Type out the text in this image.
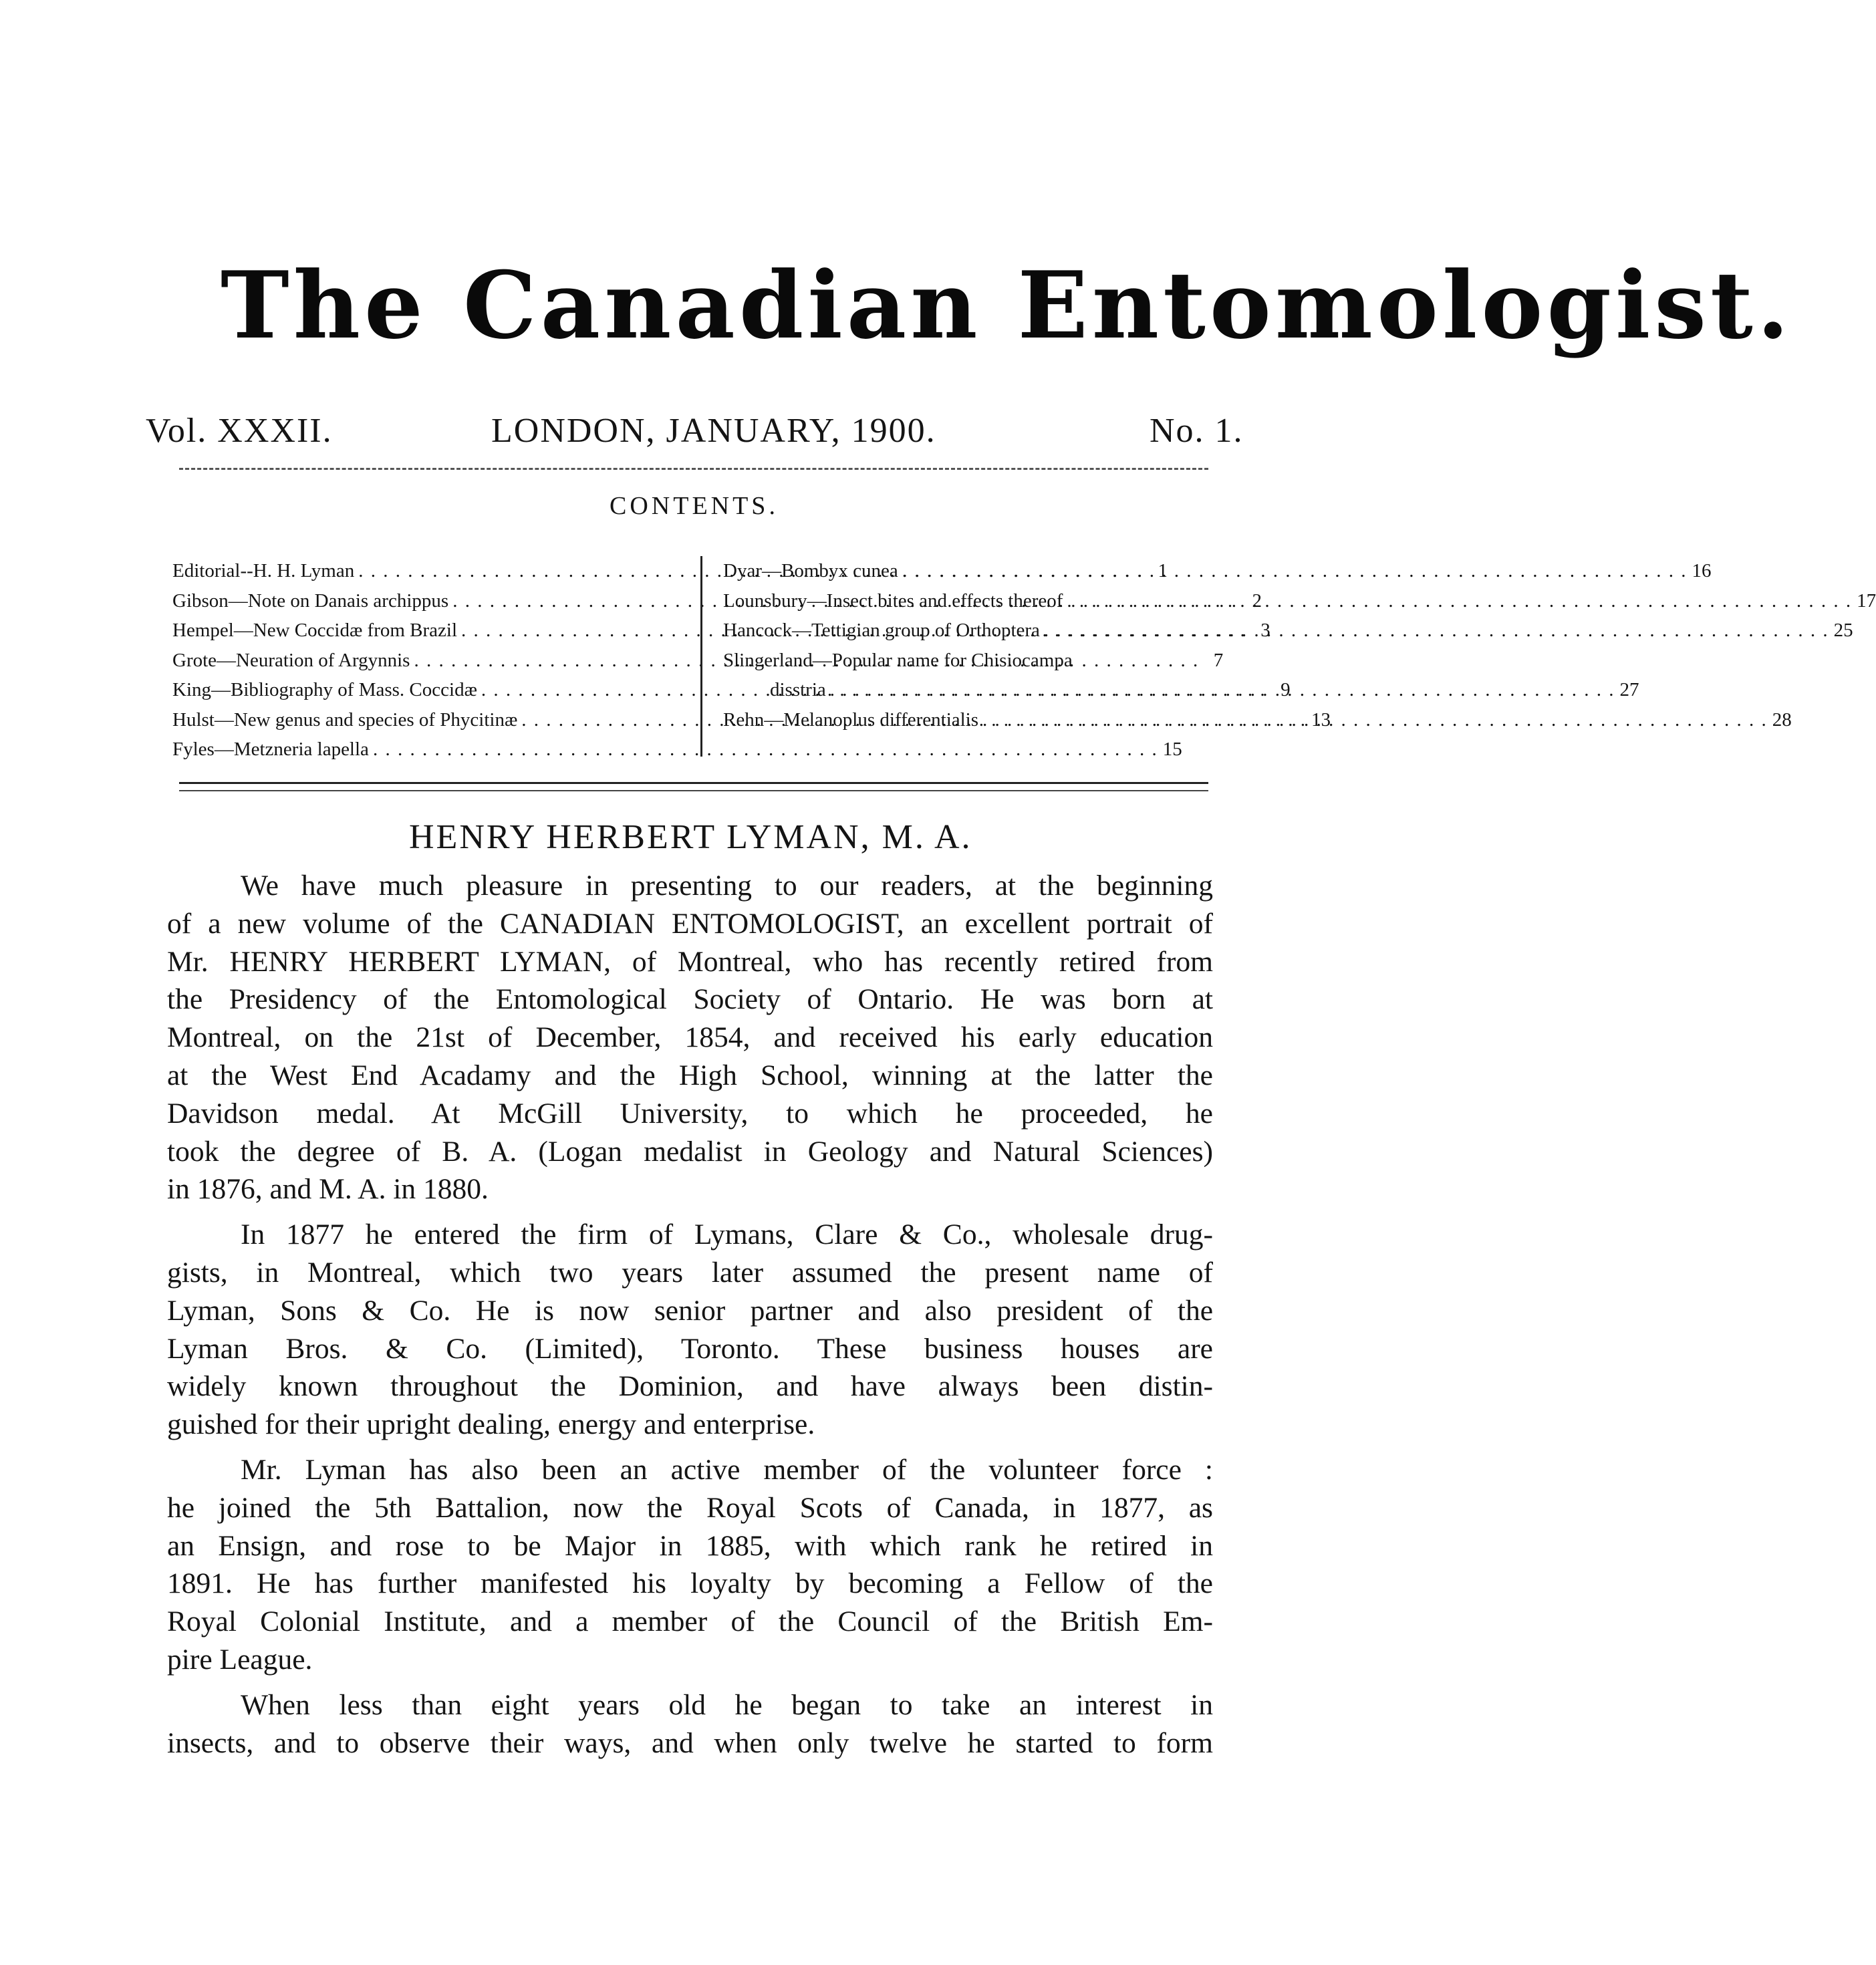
The Canadian Entomologist.
Vol. XXXII.	LONDON, JANUARY, 1900.	No. 1.
CONTENTS.
Editorial--H. H. Lyman . . .	1
Gibson—Note on Danais archippus . . .	2
Hempel—New Coccidæ from Brazil . . .	3
Grote—Neuration of Argynnis . . .	7
King—Bibliography of Mass. Coccidæ . . .	9
Hulst—New genus and species of Phycitinæ . . .	13
Fyles—Metzneria lapella . . .	15
Dyar—Bombyx cunea . . .	16
Lounsbury—Insect bites and effects thereof . . .	17
Hancock—Tettigian group of Orthoptera . . .	25
Slingerland—Popular name for Chisiocampa
disstria . . .	27
Rehn—Melanoplus differentialis . . .	28
HENRY HERBERT LYMAN, M. A.
We have much pleasure in presenting to our readers, at the beginning
of a new volume of the CANADIAN ENTOMOLOGIST, an excellent portrait of
Mr. HENRY HERBERT LYMAN, of Montreal, who has recently retired from
the Presidency of the Entomological Society of Ontario. He was born at
Montreal, on the 21st of December, 1854, and received his early education
at the West End Acadamy and the High School, winning at the latter the
Davidson medal. At McGill University, to which he proceeded, he
took the degree of B. A. (Logan medalist in Geology and Natural Sciences)
in 1876, and M. A. in 1880.
In 1877 he entered the firm of Lymans, Clare & Co., wholesale drug-
gists, in Montreal, which two years later assumed the present name of
Lyman, Sons & Co. He is now senior partner and also president of the
Lyman Bros. & Co. (Limited), Toronto. These business houses are
widely known throughout the Dominion, and have always been distin-
guished for their upright dealing, energy and enterprise.
Mr. Lyman has also been an active member of the volunteer force :
he joined the 5th Battalion, now the Royal Scots of Canada, in 1877, as
an Ensign, and rose to be Major in 1885, with which rank he retired in
1891. He has further manifested his loyalty by becoming a Fellow of the
Royal Colonial Institute, and a member of the Council of the British Em-
pire League.
When less than eight years old he began to take an interest in
insects, and to observe their ways, and when only twelve he started to form
